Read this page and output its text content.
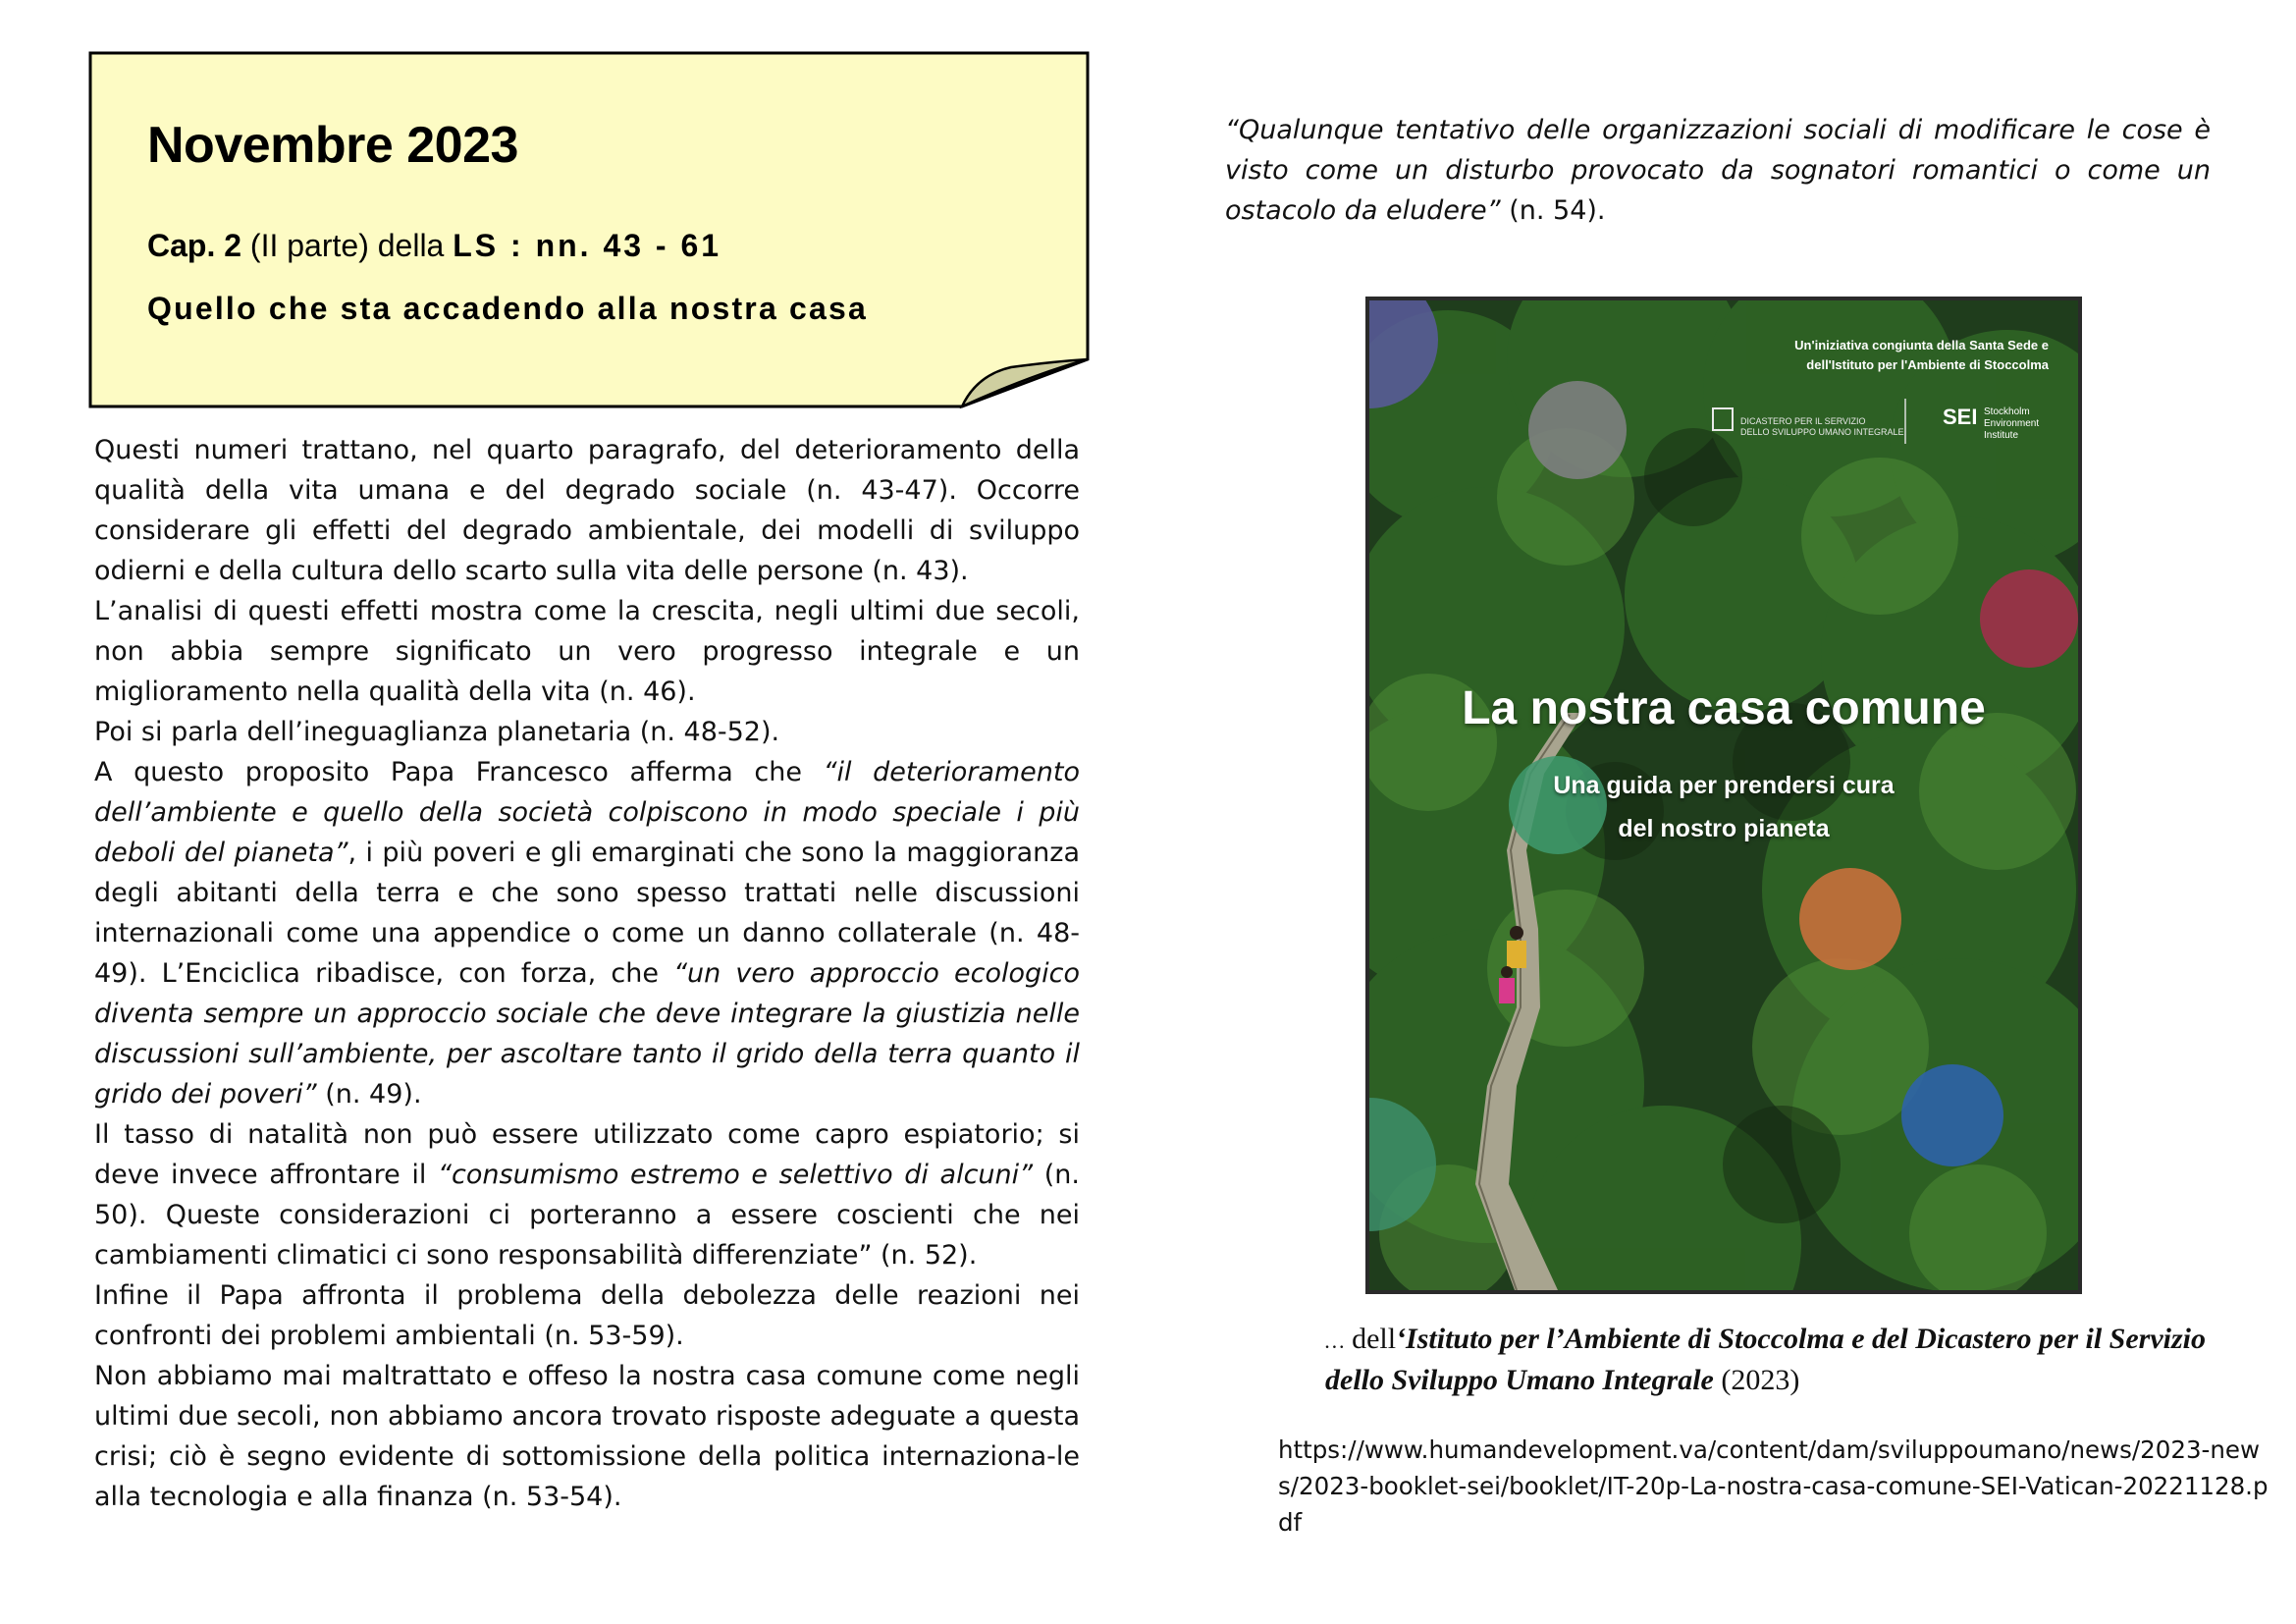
Novembre 2023
Cap. 2 (II parte) della LS : nn. 43 - 61
Quello che sta accadendo alla nostra casa

Questi numeri trattano, nel quarto paragrafo, del deterioramento della qualità della vita umana e del degrado sociale (n. 43-47). Occorre considerare gli effetti del degrado ambientale, dei modelli di sviluppo odierni e della cultura dello scarto sulla vita delle persone (n. 43).

L’analisi di questi effetti mostra come la crescita, negli ultimi due secoli, non abbia sempre significato un vero progresso integrale e un miglioramento nella qualità della vita (n. 46).

Poi si parla dell’ineguaglianza planetaria (n. 48-52).

A questo proposito Papa Francesco afferma che “il deterioramento dell’ambiente e quello della società colpiscono in modo speciale i più deboli del pianeta”, i più poveri e gli emarginati che sono la maggioranza degli abitanti della terra e che sono spesso trattati nelle discussioni internazionali come una appendice o come un danno collaterale (n. 48-49). L’Enciclica ribadisce, con forza, che “un vero approccio ecologico diventa sempre un approccio sociale che deve integrare la giustizia nelle discussioni sull’ambiente, per ascoltare tanto il grido della terra quanto il grido dei poveri” (n. 49).

Il tasso di natalità non può essere utilizzato come capro espiatorio; si deve invece affrontare il “consumismo estremo e selettivo di alcuni” (n. 50). Queste considerazioni ci porteranno a essere coscienti che nei cambiamenti climatici ci sono responsabilità differenziate” (n. 52).

Infine il Papa affronta il problema della debolezza delle reazioni nei confronti dei problemi ambientali (n. 53-59).

Non abbiamo mai maltrattato e offeso la nostra casa comune come negli ultimi due secoli, non abbiamo ancora trovato risposte adeguate a questa crisi; ciò è segno evidente di sottomissione della politica internaziona-le alla tecnologia e alla finanza (n. 53-54).

“Qualunque tentativo delle organizzazioni sociali di modificare le cose è visto come un disturbo provocato da sognatori romantici o come un ostacolo da eludere” (n. 54).
Un'iniziativa congiunta della Santa Sede e
dell'Istituto per l'Ambiente di Stoccolma
DICASTERO PER IL SERVIZIO
DELLO SVILUPPO UMANO INTEGRALE
SEI Stockholm
Environment
Institute
La nostra casa comune
Una guida per prendersi cura
del nostro pianeta
… dell‘Istituto per l’Ambiente di Stoccolma e del Dicastero per il Servizio dello Sviluppo Umano Integrale (2023)
https://www.humandevelopment.va/content/dam/sviluppoumano/news/2023-news/2023-booklet-sei/booklet/IT-20p-La-nostra-casa-comune-SEI-Vatican-20221128.pdf
